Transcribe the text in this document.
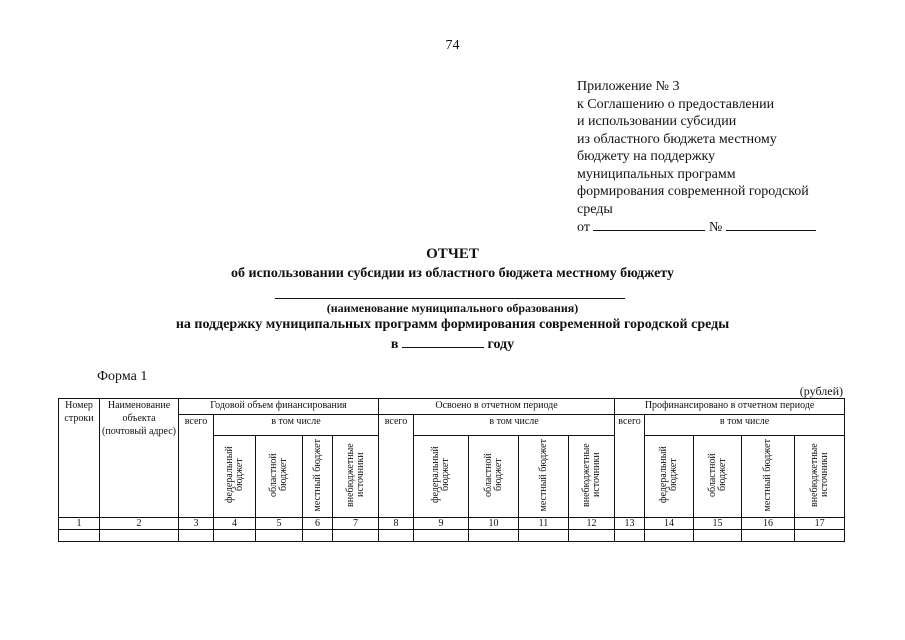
74
Приложение № 3
к Соглашению о предоставлении
и использовании субсидии
из областного бюджета местному
бюджету на поддержку
муниципальных программ
формирования современной городской
среды
от	№
ОТЧЕТ
об использовании субсидии из областного бюджета местному бюджету
(наименование муниципального образования)
на поддержку муниципальных программ формирования современной городской среды
в	году
Форма 1
(рублей)
Номер строки	Наименование объекта (почтовый адрес)	Годовой объем финансирования					Освоено в отчетном периоде					Профинансировано в отчетном периоде				
		всего	в том числе				всего	в том числе				всего	в том числе			
			федеральный бюджет	областной бюджет	местный бюджет	внебюджетные источники		федеральный бюджет	областной бюджет	местный бюджет	внебюджетные источники		федеральный бюджет	областной бюджет	местный бюджет	внебюджетные источники
1	2	3	4	5	6	7	8	9	10	11	12	13	14	15	16	17
